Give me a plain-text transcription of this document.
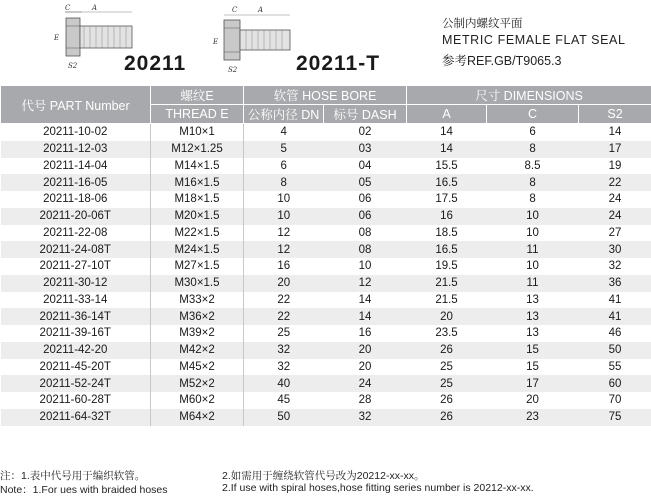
C	A
E
S2
C	A
E
S2
20211	20211-T
公制内螺纹平面
METRIC FEMALE FLAT SEAL
参考REF.GB/T9065.3
代号 PART Number	螺纹E	软管 HOSE BORE		尺寸 DIMENSIONS		
	THREAD E	公称内径 DN	标号 DASH	A	C	S2
20211-10-02	M10×1	4	02	14	6	14
20211-12-03	M12×1.25	5	03	14	8	17
20211-14-04	M14×1.5	6	04	15.5	8.5	19
20211-16-05	M16×1.5	8	05	16.5	8	22
20211-18-06	M18×1.5	10	06	17.5	8	24
20211-20-06T	M20×1.5	10	06	16	10	24
20211-22-08	M22×1.5	12	08	18.5	10	27
20211-24-08T	M24×1.5	12	08	16.5	11	30
20211-27-10T	M27×1.5	16	10	19.5	10	32
20211-30-12	M30×1.5	20	12	21.5	11	36
20211-33-14	M33×2	22	14	21.5	13	41
20211-36-14T	M36×2	22	14	20	13	41
20211-39-16T	M39×2	25	16	23.5	13	46
20211-42-20	M42×2	32	20	26	15	50
20211-45-20T	M45×2	32	20	25	15	55
20211-52-24T	M52×2	40	24	25	17	60
20211-60-28T	M60×2	45	28	26	20	70
20211-64-32T	M64×2	50	32	26	23	75
注：1.表中代号用于编织软管。	2.如需用于缠绕软管代号改为20212-xx-xx。
Note：1.For ues with braided hoses	2.If use with spiral hoses,hose fitting series number is 20212-xx-xx.
